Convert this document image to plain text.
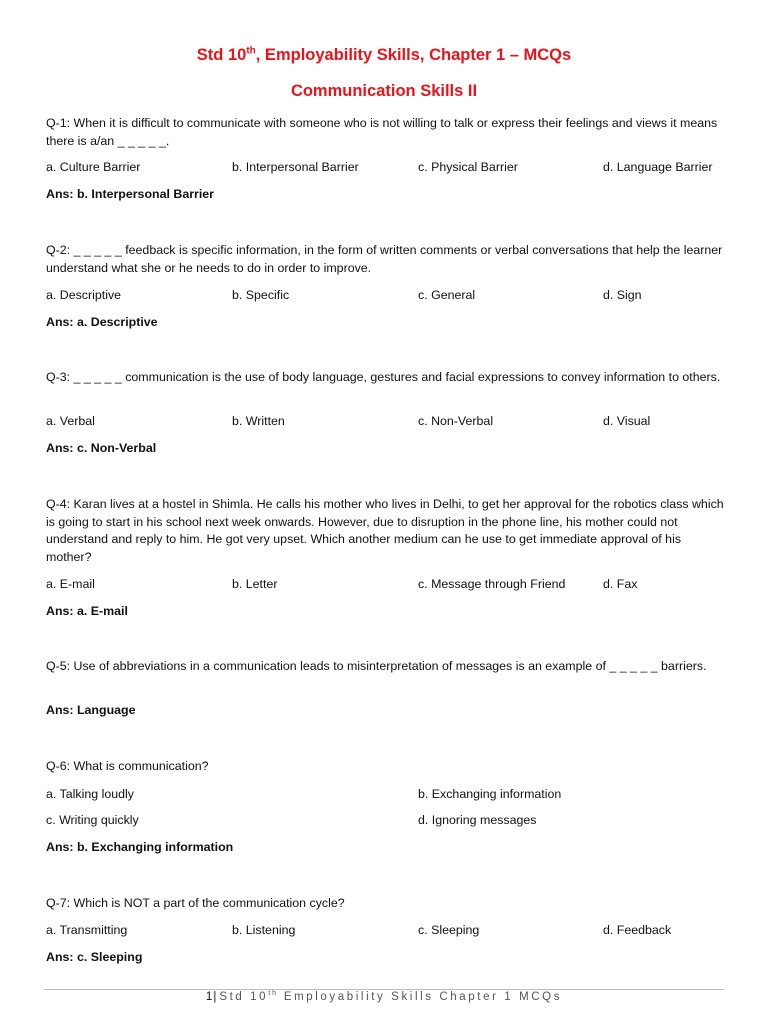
Std 10th, Employability Skills, Chapter 1 – MCQs
Communication Skills II
Q-1: When it is difficult to communicate with someone who is not willing to talk or express their feelings and views it means there is a/an _ _ _ _ _.
a. Culture Barrier	b. Interpersonal Barrier	c. Physical Barrier	d. Language Barrier
Ans: b. Interpersonal Barrier
Q-2: _ _ _ _ _ feedback is specific information, in the form of written comments or verbal conversations that help the learner understand what she or he needs to do in order to improve.
a. Descriptive	b. Specific	c. General	d. Sign
Ans: a. Descriptive
Q-3: _ _ _ _ _ communication is the use of body language, gestures and facial expressions to convey information to others.
a. Verbal	b. Written	c. Non-Verbal	d. Visual
Ans: c. Non-Verbal
Q-4: Karan lives at a hostel in Shimla. He calls his mother who lives in Delhi, to get her approval for the robotics class which is going to start in his school next week onwards. However, due to disruption in the phone line, his mother could not understand and reply to him. He got very upset. Which another medium can he use to get immediate approval of his mother?
a. E-mail	b. Letter	c. Message through Friend	d. Fax
Ans: a. E-mail
Q-5: Use of abbreviations in a communication leads to misinterpretation of messages is an example of _ _ _ _ _ barriers.
Ans: Language
Q-6: What is communication?
a. Talking loudly	b. Exchanging information
c. Writing quickly	d. Ignoring messages
Ans: b. Exchanging information
Q-7: Which is NOT a part of the communication cycle?
a. Transmitting	b. Listening	c. Sleeping	d. Feedback
Ans: c. Sleeping
1| Std 10th Employability Skills Chapter 1 MCQs
